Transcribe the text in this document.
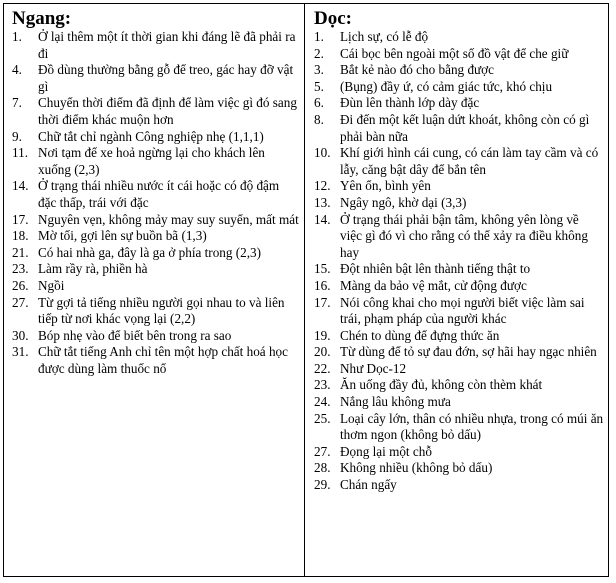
Ngang:
1.	Ở lại thêm một ít thời gian khi đáng lẽ đã phải ra đi
4.	Đồ dùng thường bằng gỗ để treo, gác hay đỡ vật gì
7.	Chuyển thời điểm đã định để làm việc gì đó sang thời điểm khác muộn hơn
9.	Chữ tắt chỉ ngành Công nghiệp nhẹ (1,1,1)
11. Nơi tạm để xe hoả ngừng lại cho khách lên xuống (2,3)
14. Ở trạng thái nhiều nước ít cái hoặc có độ đậm đặc thấp, trái với đặc
17. Nguyên vẹn, không mảy may suy suyển, mất mát
18. Mờ tối, gợi lên sự buồn bã (1,3)
21. Có hai nhà ga, đây là ga ở phía trong (2,3)
23. Làm rầy rà, phiền hà
26. Ngồi
27. Từ gợi tả tiếng nhiều người gọi nhau to và liên tiếp từ nơi khác vọng lại (2,2)
30. Bóp nhẹ vào để biết bên trong ra sao
31. Chữ tắt tiếng Anh chỉ tên một hợp chất hoá học được dùng làm thuốc nổ
Dọc:
1.	Lịch sự, có lễ độ
2.	Cái bọc bên ngoài một số đồ vật để che giữ
3.	Bắt kẻ nào đó cho bằng được
5.	(Bụng) đầy ứ, có cảm giác tức, khó chịu
6.	Đùn lên thành lớp dày đặc
8.	Đi đến một kết luận dứt khoát, không còn có gì phải bàn nữa
10. Khí giới hình cái cung, có cán làm tay cầm và có lẫy, căng bật dây để bắn tên
12. Yên ổn, bình yên
13. Ngây ngô, khờ dại (3,3)
14. Ở trạng thái phải bận tâm, không yên lòng về việc gì đó vì cho rằng có thể xảy ra điều không hay
15. Đột nhiên bật lên thành tiếng thật to
16. Màng da bảo vệ mắt, cử động được
17. Nói công khai cho mọi người biết việc làm sai trái, phạm pháp của người khác
19. Chén to dùng để đựng thức ăn
20. Từ dùng để tỏ sự đau đớn, sợ hãi hay ngạc nhiên
22. Như Dọc-12
23. Ăn uống đầy đủ, không còn thèm khát
24. Nắng lâu không mưa
25. Loại cây lớn, thân có nhiều nhựa, trong có múi ăn thơm ngon (không bỏ dấu)
27. Đọng lại một chỗ
28. Không nhiều (không bỏ dấu)
29. Chán ngấy
